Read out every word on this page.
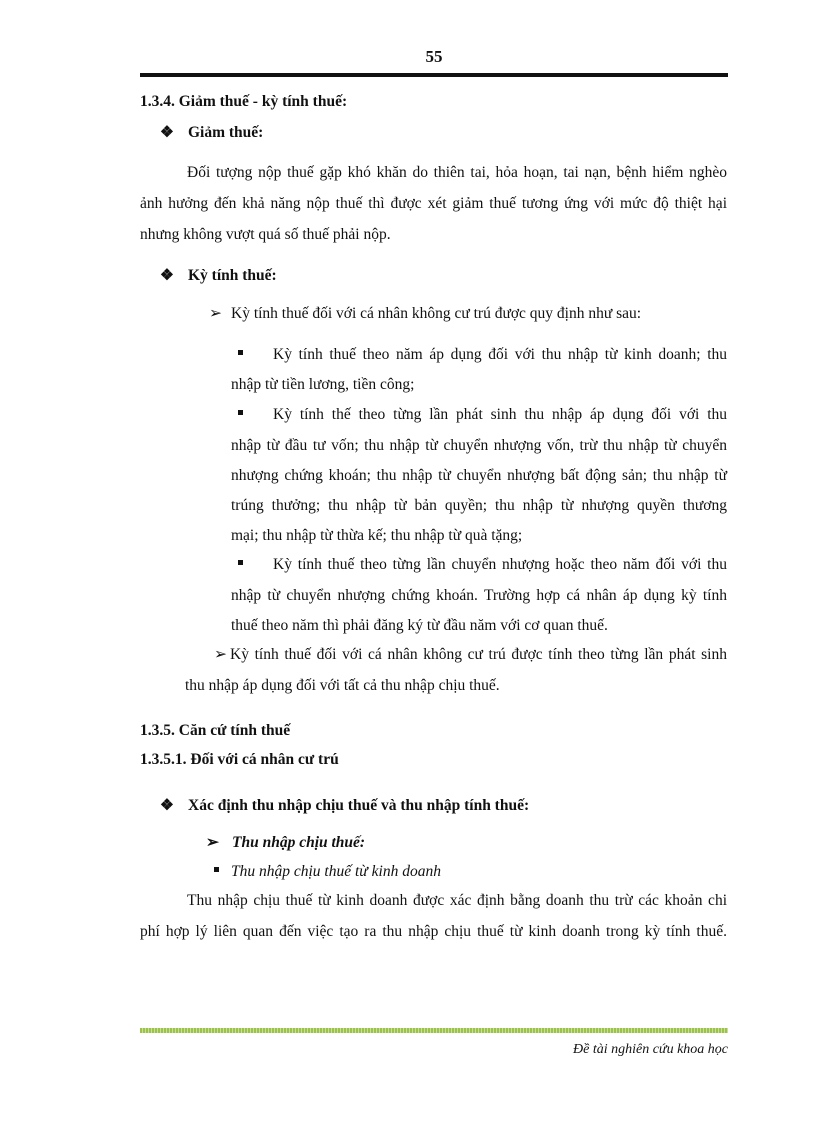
55
1.3.4. Giảm thuế - kỳ tính thuế:
❖ Giảm thuế:
Đối tượng nộp thuế gặp khó khăn do thiên tai, hỏa hoạn, tai nạn, bệnh hiểm nghèo
ảnh hưởng đến khả năng nộp thuế thì được xét giảm thuế tương ứng với mức độ thiệt hại
nhưng không vượt quá số thuế phải nộp.
❖ Kỳ tính thuế:
➢ Kỳ tính thuế đối với cá nhân không cư trú được quy định như sau:
Kỳ tính thuế theo năm áp dụng đối với thu nhập từ kinh doanh; thu
nhập từ tiền lương, tiền công;
Kỳ tính thế theo từng lần phát sinh thu nhập áp dụng đối với thu
nhập từ đầu tư vốn; thu nhập từ chuyển nhượng vốn, trừ thu nhập từ chuyển
nhượng chứng khoán; thu nhập từ chuyển nhượng bất động sản; thu nhập từ
trúng thưởng; thu nhập từ bản quyền; thu nhập từ nhượng quyền thương
mại; thu nhập từ thừa kế; thu nhập từ quà tặng;
Kỳ tính thuế theo từng lần chuyển nhượng hoặc theo năm đối với thu
nhập từ chuyển nhượng chứng khoán. Trường hợp cá nhân áp dụng kỳ tính
thuế theo năm thì phải đăng ký từ đầu năm với cơ quan thuế.
➢ Kỳ tính thuế đối với cá nhân không cư trú được tính theo từng lần phát sinh
thu nhập áp dụng đối với tất cả thu nhập chịu thuế.
1.3.5. Căn cứ tính thuế
1.3.5.1. Đối với cá nhân cư trú
❖ Xác định thu nhập chịu thuế và thu nhập tính thuế:
➢ Thu nhập chịu thuế:
Thu nhập chịu thuế từ kinh doanh
Thu nhập chịu thuế từ kinh doanh được xác định bằng doanh thu trừ các khoản chi
phí hợp lý liên quan đến việc tạo ra thu nhập chịu thuế từ kinh doanh trong kỳ tính thuế.
Đề tài nghiên cứu khoa học
